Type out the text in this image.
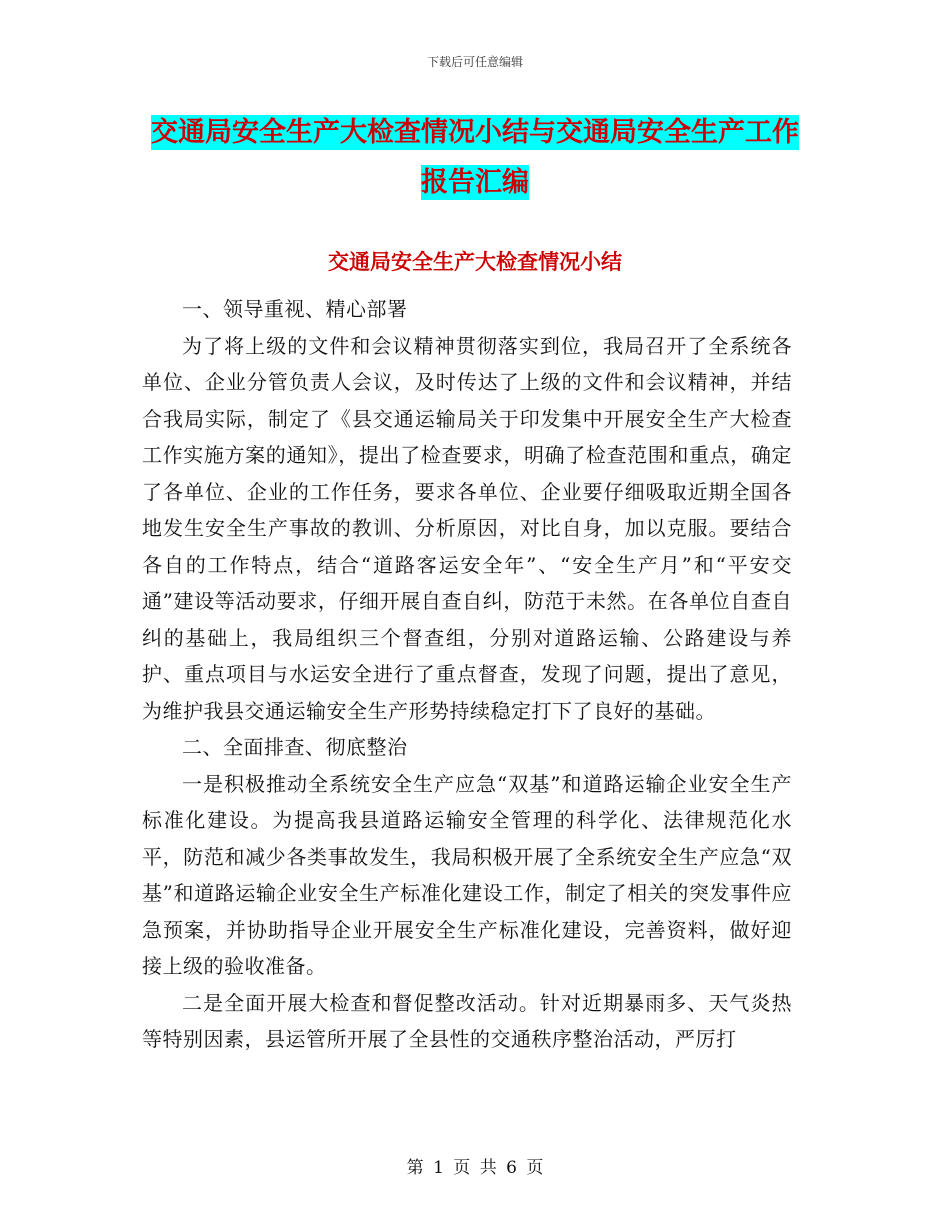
下载后可任意编辑
交通局安全生产大检查情况小结与交通局安全生产工作报告汇编
交通局安全生产大检查情况小结

一、领导重视、精心部署

为了将上级的文件和会议精神贯彻落实到位，我局召开了全系统各单位、企业分管负责人会议，及时传达了上级的文件和会议精神，并结合我局实际，制定了《县交通运输局关于印发集中开展安全生产大检查工作实施方案的通知》，提出了检查要求，明确了检查范围和重点，确定了各单位、企业的工作任务，要求各单位、企业要仔细吸取近期全国各地发生安全生产事故的教训、分析原因，对比自身，加以克服。要结合各自的工作特点，结合“道路客运安全年”、“安全生产月”和“平安交通”建设等活动要求，仔细开展自查自纠，防范于未然。在各单位自查自纠的基础上，我局组织三个督查组，分别对道路运输、公路建设与养护、重点项目与水运安全进行了重点督查，发现了问题，提出了意见，为维护我县交通运输安全生产形势持续稳定打下了良好的基础。

二、全面排查、彻底整治

一是积极推动全系统安全生产应急“双基”和道路运输企业安全生产标准化建设。为提高我县道路运输安全管理的科学化、法律规范化水平，防范和减少各类事故发生，我局积极开展了全系统安全生产应急“双基”和道路运输企业安全生产标准化建设工作，制定了相关的突发事件应急预案，并协助指导企业开展安全生产标准化建设，完善资料，做好迎接上级的验收准备。

二是全面开展大检查和督促整改活动。针对近期暴雨多、天气炎热等特别因素，县运管所开展了全县性的交通秩序整治活动，严厉打

第 1 页 共 6 页
